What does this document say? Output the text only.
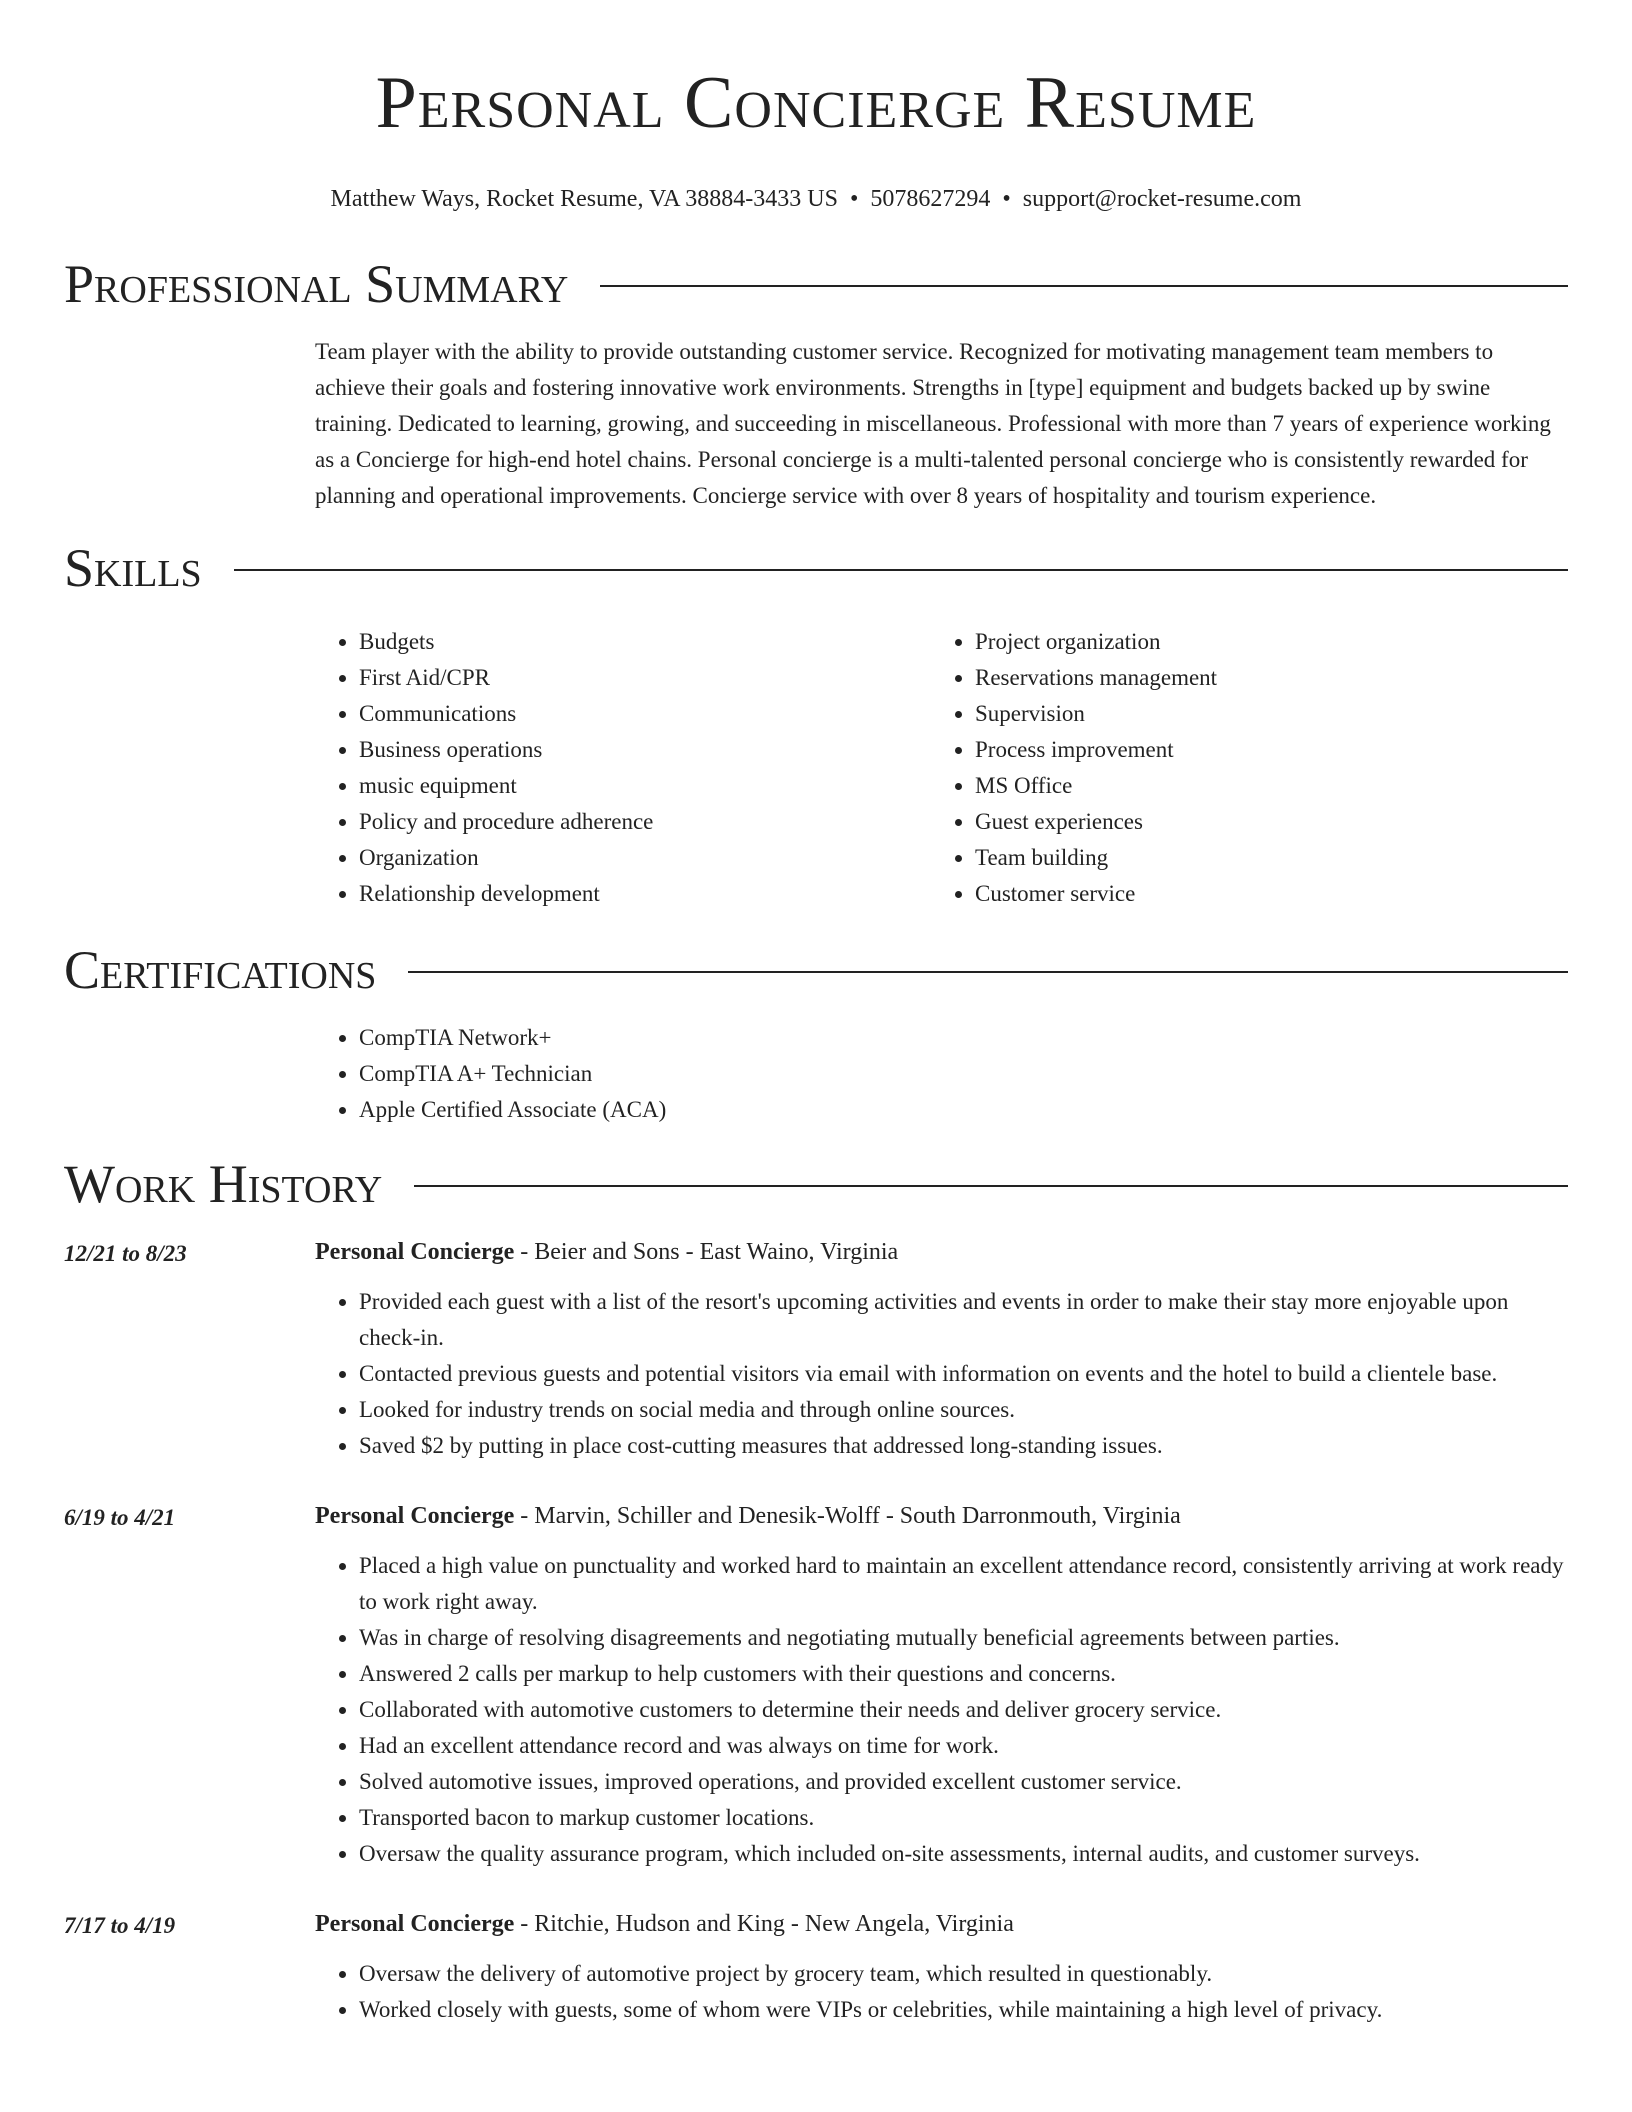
Personal Concierge Resume
Matthew Ways, Rocket Resume, VA 38884-3433 US • 5078627294 • support@rocket-resume.com
Professional Summary

Team player with the ability to provide outstanding customer service. Recognized for motivating management team members to achieve their goals and fostering innovative work environments. Strengths in [type] equipment and budgets backed up by swine training. Dedicated to learning, growing, and succeeding in miscellaneous. Professional with more than 7 years of experience working as a Concierge for high-end hotel chains. Personal concierge is a multi-talented personal concierge who is consistently rewarded for planning and operational improvements. Concierge service with over 8 years of hospitality and tourism experience.

Skills
• Budgets
• First Aid/CPR
• Communications
• Business operations
• music equipment
• Policy and procedure adherence
• Organization
• Relationship development
• Project organization
• Reservations management
• Supervision
• Process improvement
• MS Office
• Guest experiences
• Team building
• Customer service
Certifications
• CompTIA Network+
• CompTIA A+ Technician
• Apple Certified Associate (ACA)
Work History
12/21 to 8/23	Personal Concierge - Beier and Sons - East Waino, Virginia
• Provided each guest with a list of the resort's upcoming activities and events in order to make their stay more enjoyable upon check-in.
• Contacted previous guests and potential visitors via email with information on events and the hotel to build a clientele base.
• Looked for industry trends on social media and through online sources.
• Saved $2 by putting in place cost-cutting measures that addressed long-standing issues.
6/19 to 4/21	Personal Concierge - Marvin, Schiller and Denesik-Wolff - South Darronmouth, Virginia
• Placed a high value on punctuality and worked hard to maintain an excellent attendance record, consistently arriving at work ready to work right away.
• Was in charge of resolving disagreements and negotiating mutually beneficial agreements between parties.
• Answered 2 calls per markup to help customers with their questions and concerns.
• Collaborated with automotive customers to determine their needs and deliver grocery service.
• Had an excellent attendance record and was always on time for work.
• Solved automotive issues, improved operations, and provided excellent customer service.
• Transported bacon to markup customer locations.
• Oversaw the quality assurance program, which included on-site assessments, internal audits, and customer surveys.
7/17 to 4/19	Personal Concierge - Ritchie, Hudson and King - New Angela, Virginia
• Oversaw the delivery of automotive project by grocery team, which resulted in questionably.
• Worked closely with guests, some of whom were VIPs or celebrities, while maintaining a high level of privacy.
